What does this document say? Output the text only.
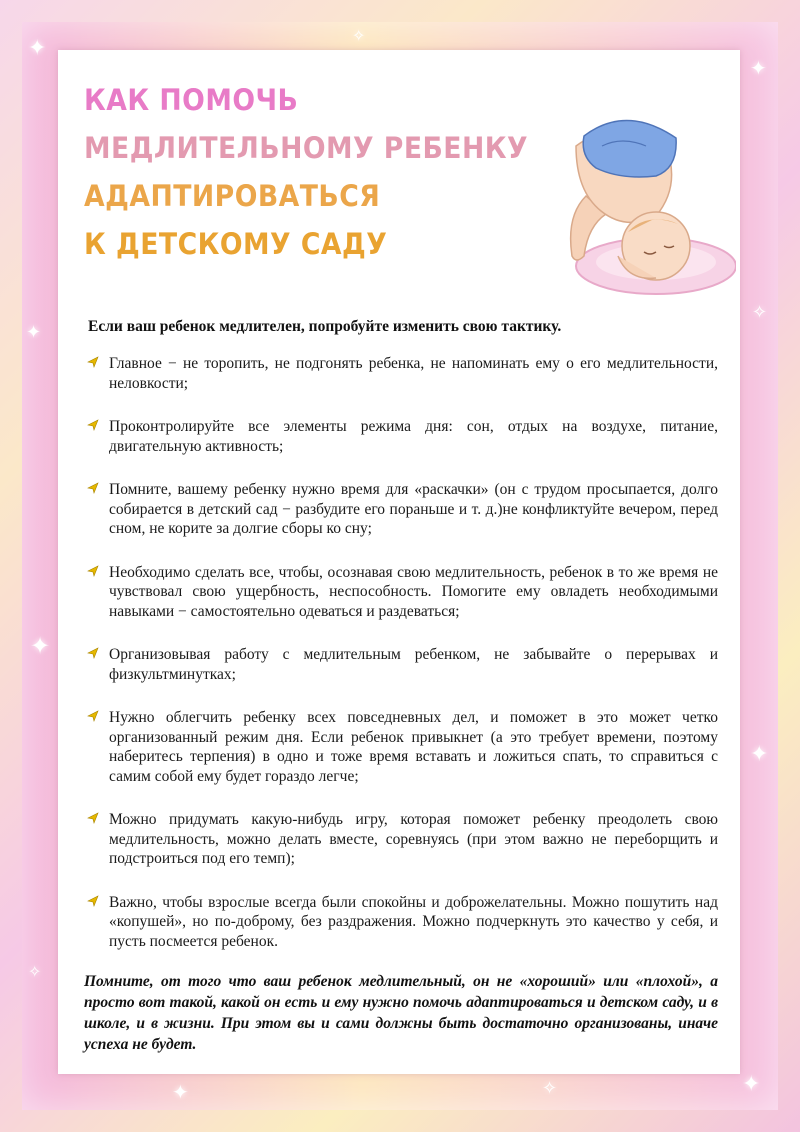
✦
✧
✦
✦
✦
✧
✦
✦	✧	✦
✧
КАК ПОМОЧЬ
МЕДЛИТЕЛЬНОМУ РЕБЕНКУ
АДАПТИРОВАТЬСЯ
К ДЕТСКОМУ САДУ

Если ваш ребенок медлителен, попробуйте изменить свою тактику.

Главное − не торопить, не подгонять ребенка, не напоминать ему о его медлительности, неловкости;
Проконтролируйте все элементы режима дня: сон, отдых на воздухе, питание, двигательную активность;
Помните, вашему ребенку нужно время для «раскачки» (он с трудом просыпается, долго собирается в детский сад − разбудите его пораньше и т. д.)не конфликтуйте вечером, перед сном, не корите за долгие сборы ко сну;
Необходимо сделать все, чтобы, осознавая свою медлительность, ребенок в то же время не чувствовал свою ущербность, неспособность. Помогите ему овладеть необходимыми навыками − самостоятельно одеваться и раздеваться;
Организовывая работу с медлительным ребенком, не забывайте о перерывах и физкультминутках;
Нужно облегчить ребенку всех повседневных дел, и поможет в это может четко организованный режим дня. Если ребенок привыкнет (а это требует времени, поэтому наберитесь терпения) в одно и тоже время вставать и ложиться спать, то справиться с самим собой ему будет гораздо легче;
Можно придумать какую-нибудь игру, которая поможет ребенку преодолеть свою медлительность, можно делать вместе, соревнуясь (при этом важно не переборщить и подстроиться под его темп);
Важно, чтобы взрослые всегда были спокойны и доброжелательны. Можно пошутить над «копушей», но по-доброму, без раздражения. Можно подчеркнуть это качество у себя, и пусть посмеется ребенок.

Помните, от того что ваш ребенок медлительный, он не «хороший» или «плохой», а просто вот такой, какой он есть и ему нужно помочь адаптироваться и детском саду, и в школе, и в жизни. При этом вы и сами должны быть достаточно организованы, иначе успеха не будет.
